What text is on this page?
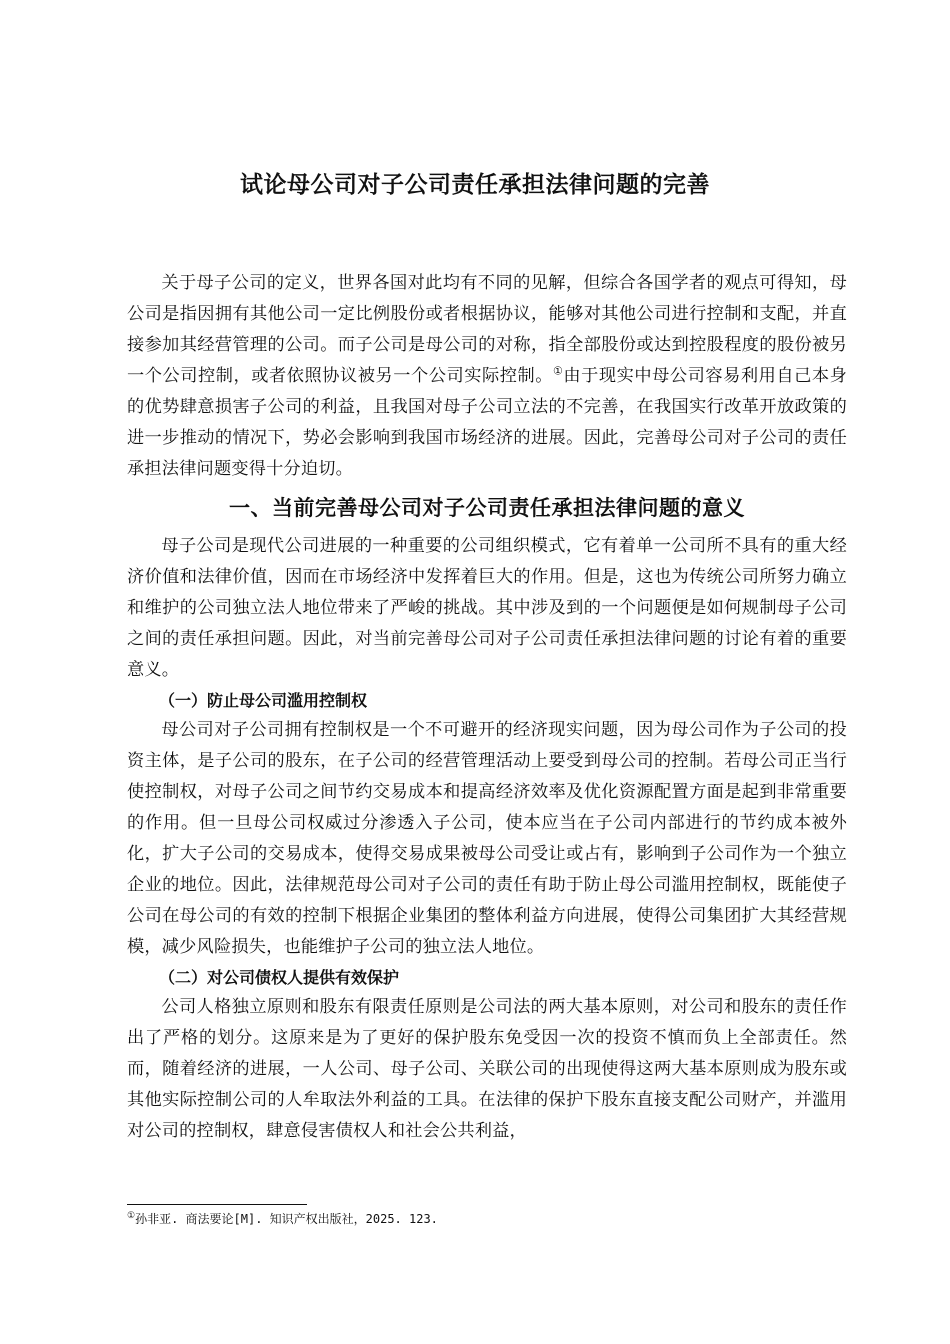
试论母公司对子公司责任承担法律问题的完善

关于母子公司的定义，世界各国对此均有不同的见解，但综合各国学者的观点可得知，母公司是指因拥有其他公司一定比例股份或者根据协议，能够对其他公司进行控制和支配，并直接参加其经营管理的公司。而子公司是母公司的对称，指全部股份或达到控股程度的股份被另一个公司控制，或者依照协议被另一个公司实际控制。①由于现实中母公司容易利用自己本身的优势肆意损害子公司的利益，且我国对母子公司立法的不完善，在我国实行改革开放政策的进一步推动的情况下，势必会影响到我国市场经济的进展。因此，完善母公司对子公司的责任承担法律问题变得十分迫切。

一、当前完善母公司对子公司责任承担法律问题的意义

母子公司是现代公司进展的一种重要的公司组织模式，它有着单一公司所不具有的重大经济价值和法律价值，因而在市场经济中发挥着巨大的作用。但是，这也为传统公司所努力确立和维护的公司独立法人地位带来了严峻的挑战。其中涉及到的一个问题便是如何规制母子公司之间的责任承担问题。因此，对当前完善母公司对子公司责任承担法律问题的讨论有着的重要意义。

（一）防止母公司滥用控制权

母公司对子公司拥有控制权是一个不可避开的经济现实问题，因为母公司作为子公司的投资主体，是子公司的股东，在子公司的经营管理活动上要受到母公司的控制。若母公司正当行使控制权，对母子公司之间节约交易成本和提高经济效率及优化资源配置方面是起到非常重要的作用。但一旦母公司权威过分渗透入子公司，使本应当在子公司内部进行的节约成本被外化，扩大子公司的交易成本，使得交易成果被母公司受让或占有，影响到子公司作为一个独立企业的地位。因此，法律规范母公司对子公司的责任有助于防止母公司滥用控制权，既能使子公司在母公司的有效的控制下根据企业集团的整体利益方向进展，使得公司集团扩大其经营规模，减少风险损失，也能维护子公司的独立法人地位。

（二）对公司债权人提供有效保护

公司人格独立原则和股东有限责任原则是公司法的两大基本原则，对公司和股东的责任作出了严格的划分。这原来是为了更好的保护股东免受因一次的投资不慎而负上全部责任。然而，随着经济的进展，一人公司、母子公司、关联公司的出现使得这两大基本原则成为股东或其他实际控制公司的人牟取法外利益的工具。在法律的保护下股东直接支配公司财产，并滥用对公司的控制权，肆意侵害债权人和社会公共利益，

①孙非亚. 商法要论[M]. 知识产权出版社，2025. 123.
